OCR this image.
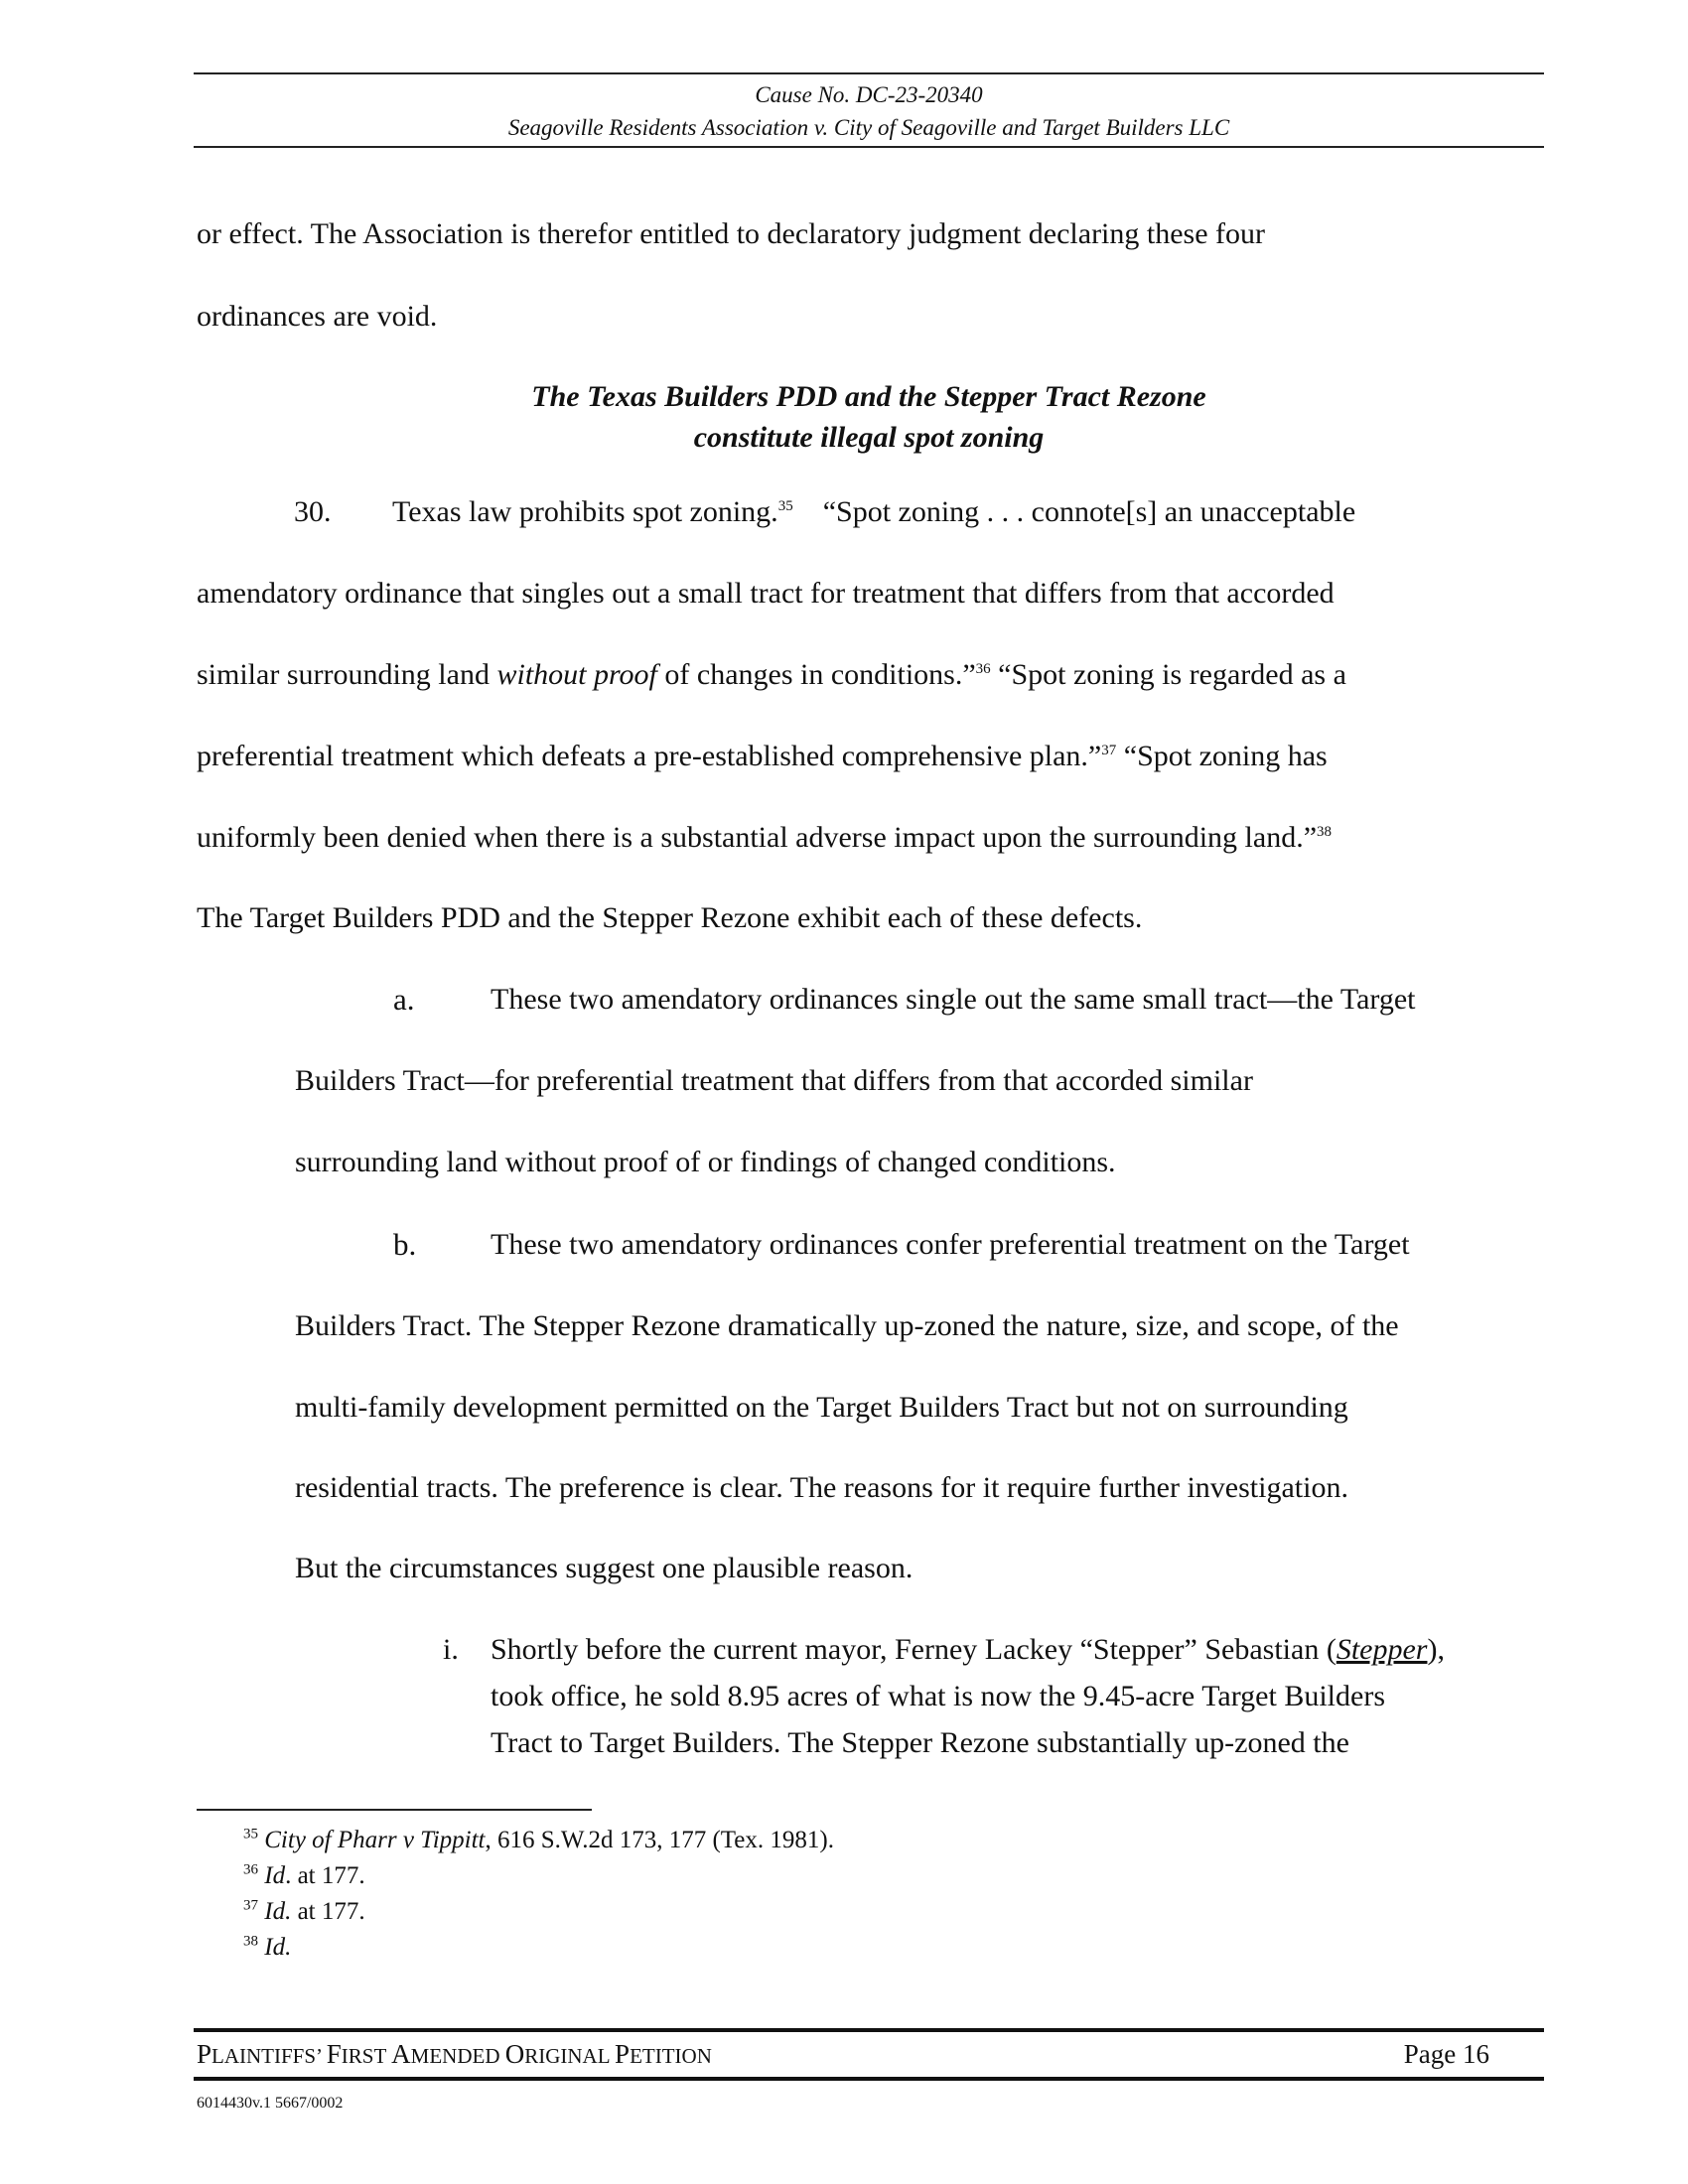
Cause No. DC-23-20340
Seagoville Residents Association v. City of Seagoville and Target Builders LLC
or effect. The Association is therefor entitled to declaratory judgment declaring these four
ordinances are void.
The Texas Builders PDD and the Stepper Tract Rezone
constitute illegal spot zoning
30. Texas law prohibits spot zoning.$^{35}$ “Spot zoning . . . connote[s] an unacceptable
amendatory ordinance that singles out a small tract for treatment that differs from that accorded
similar surrounding land without proof of changes in conditions.”$^{36}$ “Spot zoning is regarded as a
preferential treatment which defeats a pre-established comprehensive plan.”$^{37}$ “Spot zoning has
uniformly been denied when there is a substantial adverse impact upon the surrounding land.”$^{38}$
The Target Builders PDD and the Stepper Rezone exhibit each of these defects.
a.	These two amendatory ordinances single out the same small tract—the Target
Builders Tract—for preferential treatment that differs from that accorded similar
surrounding land without proof of or findings of changed conditions.
b. These two amendatory ordinances confer preferential treatment on the Target
Builders Tract. The Stepper Rezone dramatically up-zoned the nature, size, and scope, of the
multi-family development permitted on the Target Builders Tract but not on surrounding
residential tracts. The preference is clear. The reasons for it require further investigation.
But the circumstances suggest one plausible reason.
i. Shortly before the current mayor, Ferney Lackey “Stepper” Sebastian (Stepper),
took office, he sold 8.95 acres of what is now the 9.45-acre Target Builders
Tract to Target Builders. The Stepper Rezone substantially up-zoned the
$^{35}$ City of Pharr v Tippitt, 616 S.W.2d 173, 177 (Tex. 1981).
$^{36}$ Id. at 177.
$^{37}$ Id. at 177.
$^{38}$ Id.
PLAINTIFFS’ FIRST AMENDED ORIGINAL PETITION	Page 16
6014430v.1 5667/0002
